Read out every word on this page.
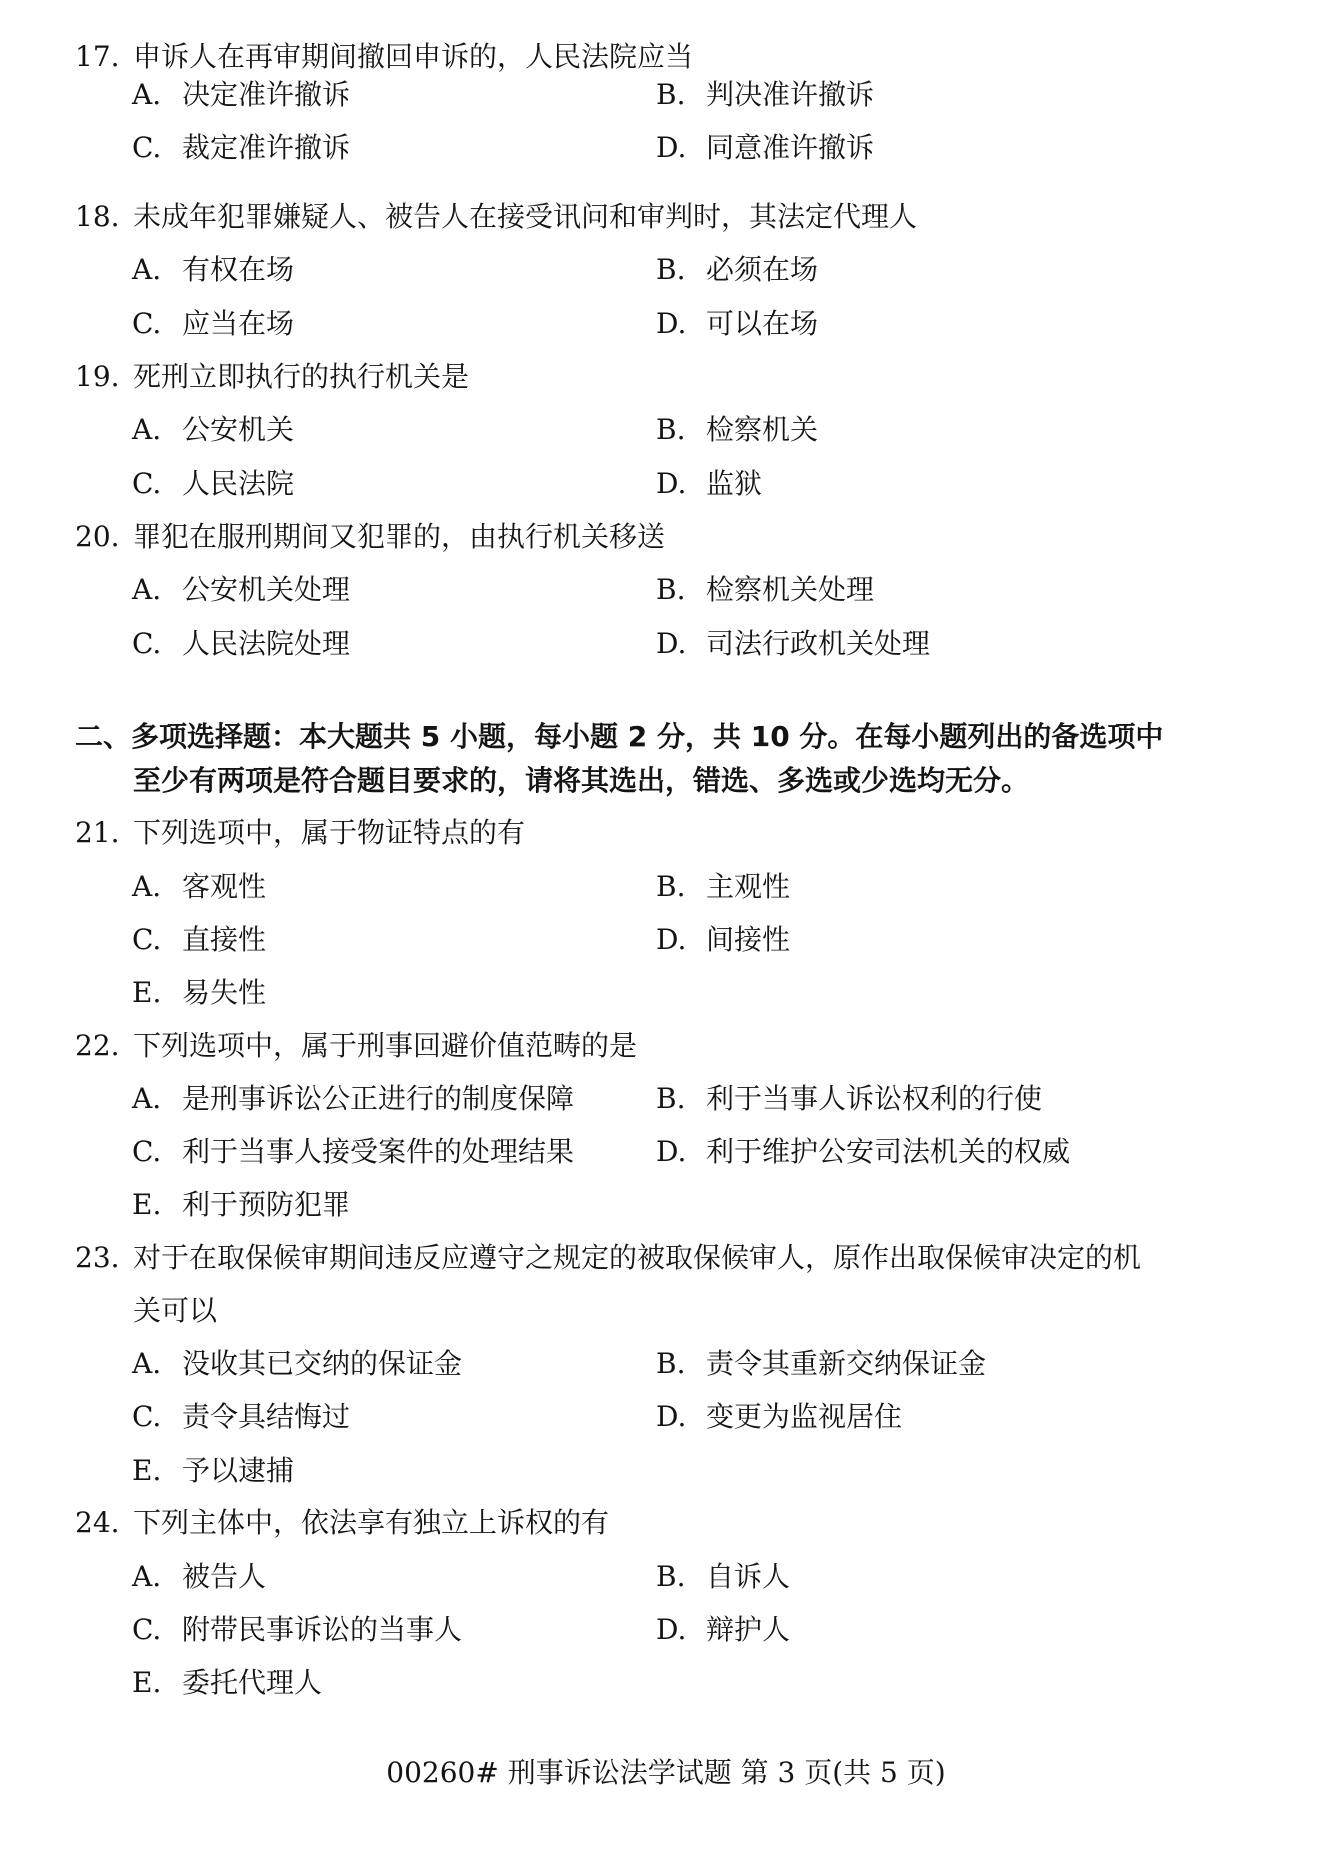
17. 申诉人在再审期间撤回申诉的，人民法院应当
A. 决定准许撤诉	B. 判决准许撤诉
C. 裁定准许撤诉	D. 同意准许撤诉
18. 未成年犯罪嫌疑人、被告人在接受讯问和审判时，其法定代理人
A. 有权在场	B. 必须在场
C. 应当在场	D. 可以在场
19. 死刑立即执行的执行机关是
A. 公安机关	B. 检察机关
C. 人民法院	D. 监狱
20. 罪犯在服刑期间又犯罪的，由执行机关移送
A. 公安机关处理	B. 检察机关处理
C. 人民法院处理	D. 司法行政机关处理
二、多项选择题：本大题共 5 小题，每小题 2 分，共 10 分。在每小题列出的备选项中
至少有两项是符合题目要求的，请将其选出，错选、多选或少选均无分。
21. 下列选项中，属于物证特点的有
A. 客观性	B. 主观性
C. 直接性	D. 间接性
E. 易失性
22. 下列选项中，属于刑事回避价值范畴的是
A. 是刑事诉讼公正进行的制度保障	B. 利于当事人诉讼权利的行使
C. 利于当事人接受案件的处理结果	D. 利于维护公安司法机关的权威
E. 利于预防犯罪
23. 对于在取保候审期间违反应遵守之规定的被取保候审人，原作出取保候审决定的机
关可以
A. 没收其已交纳的保证金	B. 责令其重新交纳保证金
C. 责令具结悔过	D. 变更为监视居住
E. 予以逮捕
24. 下列主体中，依法享有独立上诉权的有
A. 被告人	B. 自诉人
C. 附带民事诉讼的当事人	D. 辩护人
E. 委托代理人
00260# 刑事诉讼法学试题 第 3 页(共 5 页)
